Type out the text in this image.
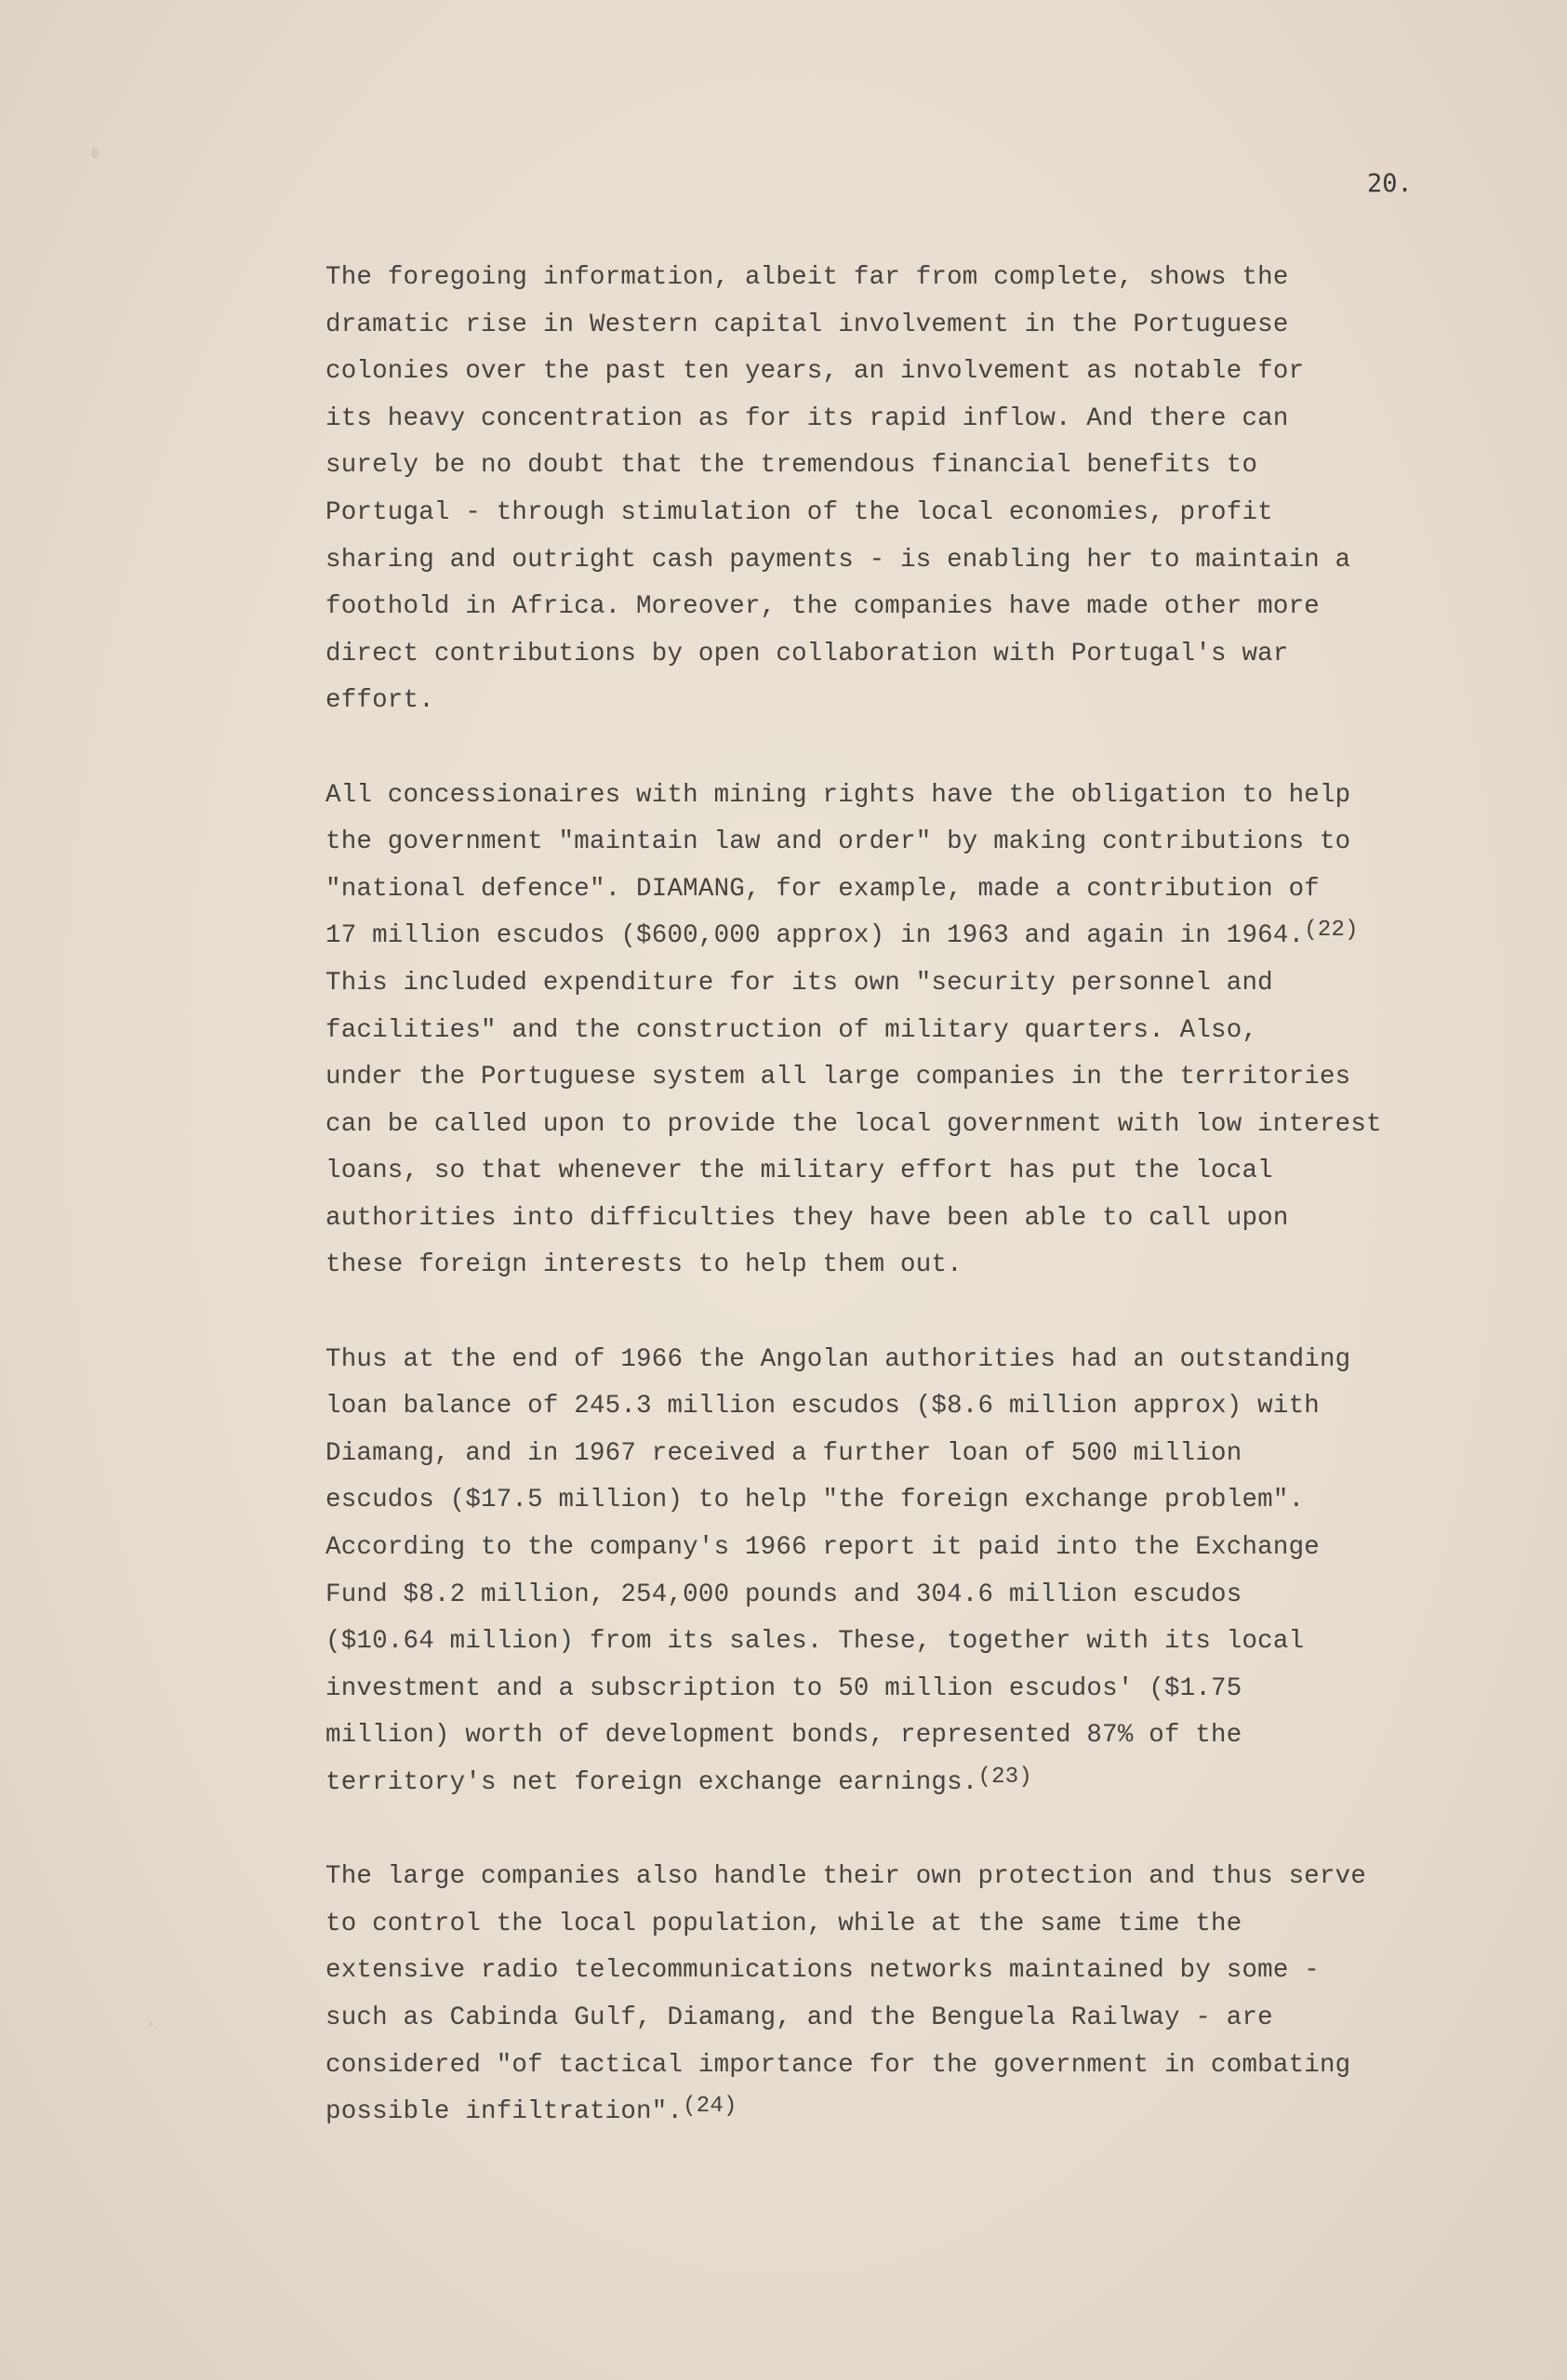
20.
The foregoing information, albeit far from complete, shows the
dramatic rise in Western capital involvement in the Portuguese
colonies over the past ten years, an involvement as notable for
its heavy concentration as for its rapid inflow. And there can
surely be no doubt that the tremendous financial benefits to
Portugal - through stimulation of the local economies, profit
sharing and outright cash payments - is enabling her to maintain a
foothold in Africa. Moreover, the companies have made other more
direct contributions by open collaboration with Portugal's war
effort.
All concessionaires with mining rights have the obligation to help
the government "maintain law and order" by making contributions to
"national defence". DIAMANG, for example, made a contribution of
17 million escudos ($600,000 approx) in 1963 and again in 1964.$^{(22)}$
This included expenditure for its own "security personnel and
facilities" and the construction of military quarters. Also,
under the Portuguese system all large companies in the territories
can be called upon to provide the local government with low interest
loans, so that whenever the military effort has put the local
authorities into difficulties they have been able to call upon
these foreign interests to help them out.
Thus at the end of 1966 the Angolan authorities had an outstanding
loan balance of 245.3 million escudos ($8.6 million approx) with
Diamang, and in 1967 received a further loan of 500 million
escudos ($17.5 million) to help "the foreign exchange problem".
According to the company's 1966 report it paid into the Exchange
Fund $8.2 million, 254,000 pounds and 304.6 million escudos
($10.64 million) from its sales. These, together with its local
investment and a subscription to 50 million escudos' ($1.75
million) worth of development bonds, represented 87% of the
territory's net foreign exchange earnings.$^{(23)}$
The large companies also handle their own protection and thus serve
to control the local population, while at the same time the
extensive radio telecommunications networks maintained by some -
such as Cabinda Gulf, Diamang, and the Benguela Railway - are
considered "of tactical importance for the government in combating
possible infiltration".$^{(24)}$
